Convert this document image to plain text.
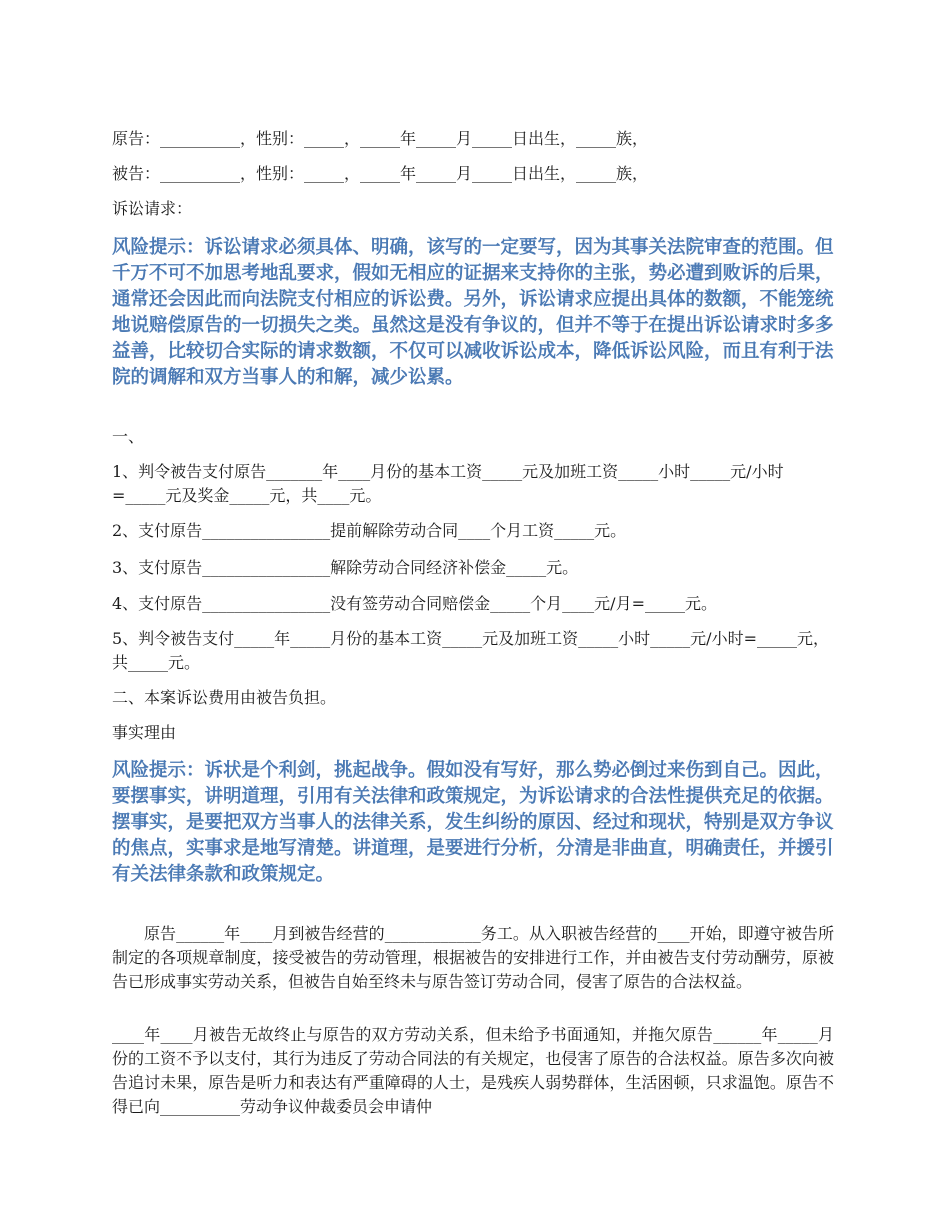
原告：__________，性别：_____，_____年_____月_____日出生，_____族，

被告：__________，性别：_____，_____年_____月_____日出生，_____族，

诉讼请求：

风险提示：诉讼请求必须具体、明确，该写的一定要写，因为其事关法院审查的范围。但千万不可不加思考地乱要求，假如无相应的证据来支持你的主张，势必遭到败诉的后果，通常还会因此而向法院支付相应的诉讼费。另外，诉讼请求应提出具体的数额，不能笼统地说赔偿原告的一切损失之类。虽然这是没有争议的，但并不等于在提出诉讼请求时多多益善，比较切合实际的请求数额，不仅可以减收诉讼成本，降低诉讼风险，而且有利于法院的调解和双方当事人的和解，减少讼累。

一、

1、判令被告支付原告_______年____月份的基本工资_____元及加班工资_____小时_____元/小时=_____元及奖金_____元，共____元。

2、支付原告________________提前解除劳动合同____个月工资_____元。

3、支付原告________________解除劳动合同经济补偿金_____元。

4、支付原告________________没有签劳动合同赔偿金_____个月____元/月=_____元。

5、判令被告支付_____年_____月份的基本工资_____元及加班工资_____小时_____元/小时=_____元，共_____元。

二、本案诉讼费用由被告负担。

事实理由

风险提示：诉状是个利剑，挑起战争。假如没有写好，那么势必倒过来伤到自己。因此，要摆事实，讲明道理，引用有关法律和政策规定，为诉讼请求的合法性提供充足的依据。摆事实，是要把双方当事人的法律关系，发生纠纷的原因、经过和现状，特别是双方争议的焦点，实事求是地写清楚。讲道理，是要进行分析，分清是非曲直，明确责任，并援引有关法律条款和政策规定。

原告______年____月到被告经营的____________务工。从入职被告经营的____开始，即遵守被告所制定的各项规章制度，接受被告的劳动管理，根据被告的安排进行工作，并由被告支付劳动酬劳，原被告已形成事实劳动关系，但被告自始至终未与原告签订劳动合同，侵害了原告的合法权益。

____年____月被告无故终止与原告的双方劳动关系，但未给予书面通知，并拖欠原告______年_____月份的工资不予以支付，其行为违反了劳动合同法的有关规定，也侵害了原告的合法权益。原告多次向被告追讨未果，原告是听力和表达有严重障碍的人士，是残疾人弱势群体，生活困顿，只求温饱。原告不得已向__________劳动争议仲裁委员会申请仲
